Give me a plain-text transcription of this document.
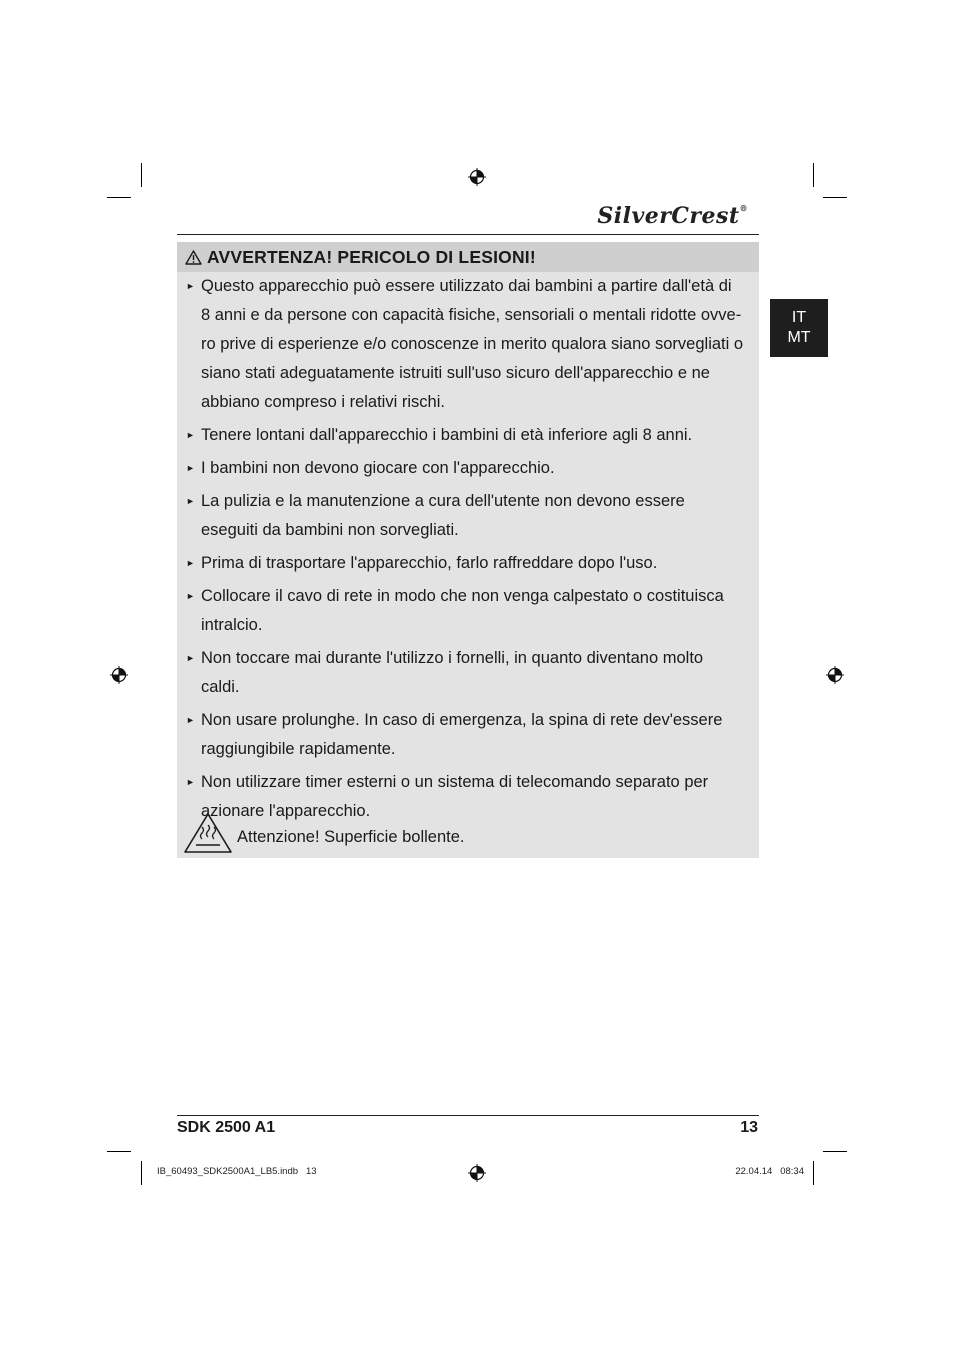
SilverCrest®
IT
MT
AVVERTENZA! PERICOLO DI LESIONI!
► Questo apparecchio può essere utilizzato dai bambini a partire dall'età di 8 anni e da persone con capacità fisiche, sensoriali o mentali ridotte ovvero prive di esperienze e/o conoscenze in merito qualora siano sorvegliati o siano stati adeguatamente istruiti sull'uso sicuro dell'apparecchio e ne abbiano compreso i relativi rischi.
► Tenere lontani dall'apparecchio i bambini di età inferiore agli 8 anni.
► I bambini non devono giocare con l'apparecchio.
► La pulizia e la manutenzione a cura dell'utente non devono essere eseguiti da bambini non sorvegliati.
► Prima di trasportare l'apparecchio, farlo raffreddare dopo l'uso.
► Collocare il cavo di rete in modo che non venga calpestato o costituisca intralcio.
► Non toccare mai durante l'utilizzo i fornelli, in quanto diventano molto caldi.
► Non usare prolunghe. In caso di emergenza, la spina di rete dev'essere raggiungibile rapidamente.
► Non utilizzare timer esterni o un sistema di telecomando separato per azionare l'apparecchio.
Attenzione! Superficie bollente.
SDK 2500 A1	13
IB_60493_SDK2500A1_LB5.indb   13	22.04.14   08:34
